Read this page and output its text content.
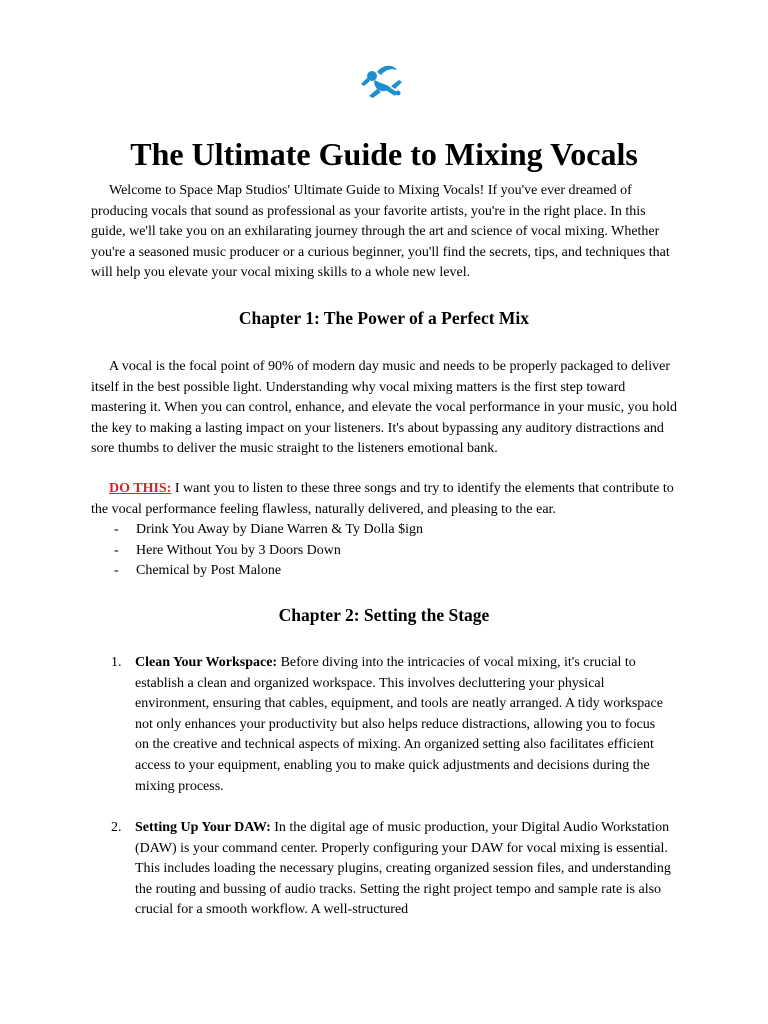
The Ultimate Guide to Mixing Vocals

Welcome to Space Map Studios' Ultimate Guide to Mixing Vocals! If you've ever dreamed of producing vocals that sound as professional as your favorite artists, you're in the right place. In this guide, we'll take you on an exhilarating journey through the art and science of vocal mixing. Whether you're a seasoned music producer or a curious beginner, you'll find the secrets, tips, and techniques that will help you elevate your vocal mixing skills to a whole new level.

Chapter 1: The Power of a Perfect Mix

A vocal is the focal point of 90% of modern day music and needs to be properly packaged to deliver itself in the best possible light. Understanding why vocal mixing matters is the first step toward mastering it. When you can control, enhance, and elevate the vocal performance in your music, you hold the key to making a lasting impact on your listeners. It's about bypassing any auditory distractions and sore thumbs to deliver the music straight to the listeners emotional bank.

DO THIS: I want you to listen to these three songs and try to identify the elements that contribute to the vocal performance feeling flawless, naturally delivered, and pleasing to the ear.

- Drink You Away by Diane Warren & Ty Dolla $ign
- Here Without You by 3 Doors Down
- Chemical by Post Malone
Chapter 2: Setting the Stage
1. Clean Your Workspace: Before diving into the intricacies of vocal mixing, it's crucial to establish a clean and organized workspace. This involves decluttering your physical environment, ensuring that cables, equipment, and tools are neatly arranged. A tidy workspace not only enhances your productivity but also helps reduce distractions, allowing you to focus on the creative and technical aspects of mixing. An organized setting also facilitates efficient access to your equipment, enabling you to make quick adjustments and decisions during the mixing process.
2. Setting Up Your DAW: In the digital age of music production, your Digital Audio Workstation (DAW) is your command center. Properly configuring your DAW for vocal mixing is essential. This includes loading the necessary plugins, creating organized session files, and understanding the routing and bussing of audio tracks. Setting the right project tempo and sample rate is also crucial for a smooth workflow. A well-structured
